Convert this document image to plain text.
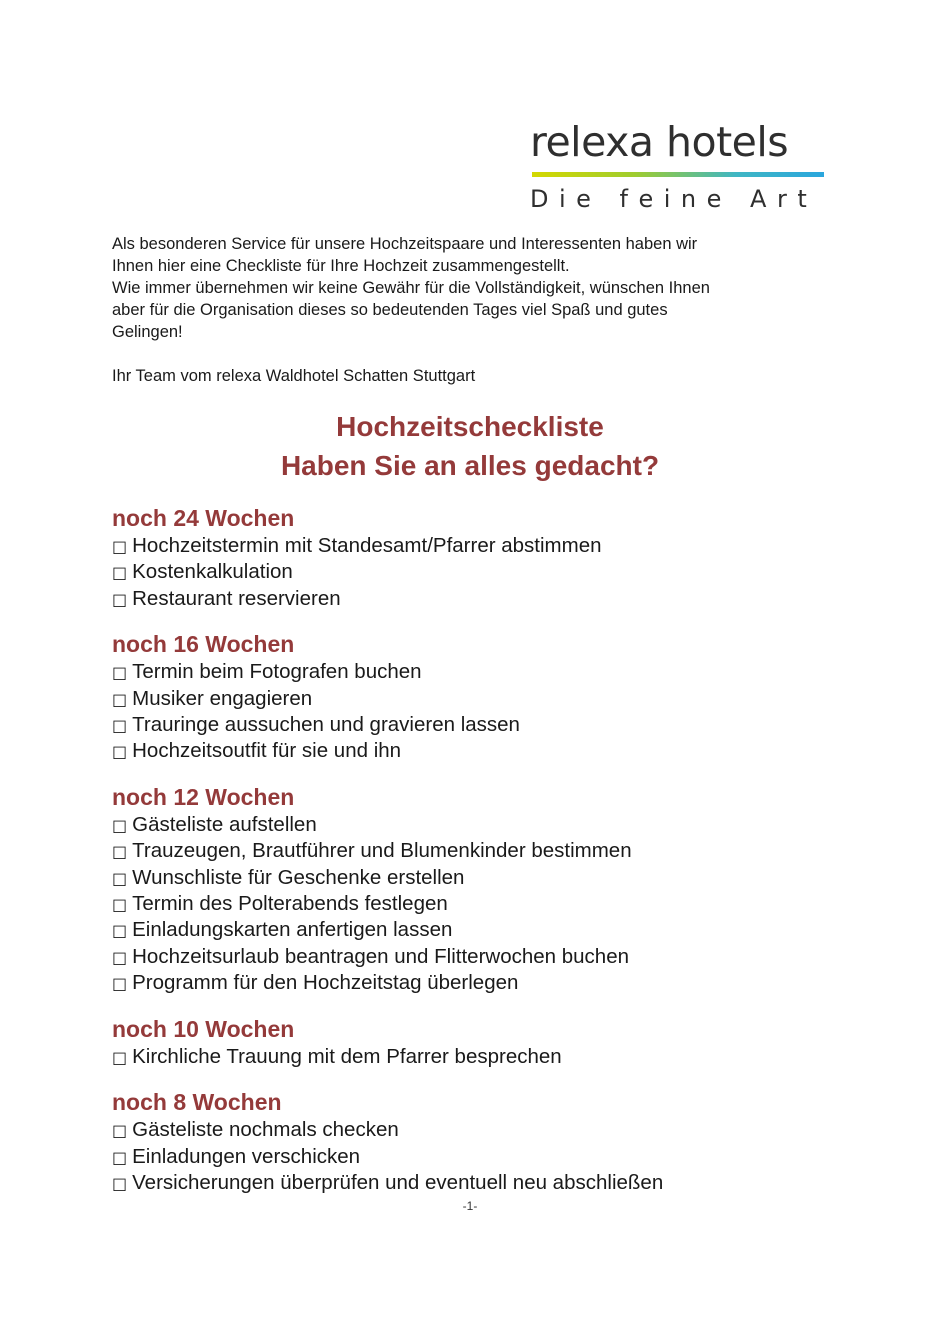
relexa hotels
Die feine Art

Als besonderen Service für unsere Hochzeitspaare und Interessenten haben wir

Ihnen hier eine Checkliste für Ihre Hochzeit zusammengestellt.

Wie immer übernehmen wir keine Gewähr für die Vollständigkeit, wünschen Ihnen

aber für die Organisation dieses so bedeutenden Tages viel Spaß und gutes

Gelingen!

Ihr Team vom relexa Waldhotel Schatten Stuttgart

Hochzeitscheckliste
Haben Sie an alles gedacht?
noch 24 Wochen
□ Hochzeitstermin mit Standesamt/Pfarrer abstimmen
□ Kostenkalkulation
□ Restaurant reservieren
noch 16 Wochen
□ Termin beim Fotografen buchen
□ Musiker engagieren
□ Trauringe aussuchen und gravieren lassen
□ Hochzeitsoutfit für sie und ihn
noch 12 Wochen
□ Gästeliste aufstellen
□ Trauzeugen, Brautführer und Blumenkinder bestimmen
□ Wunschliste für Geschenke erstellen
□ Termin des Polterabends festlegen
□ Einladungskarten anfertigen lassen
□ Hochzeitsurlaub beantragen und Flitterwochen buchen
□ Programm für den Hochzeitstag überlegen
noch 10 Wochen
□ Kirchliche Trauung mit dem Pfarrer besprechen
noch 8 Wochen
□ Gästeliste nochmals checken
□ Einladungen verschicken
□ Versicherungen überprüfen und eventuell neu abschließen
-1-
